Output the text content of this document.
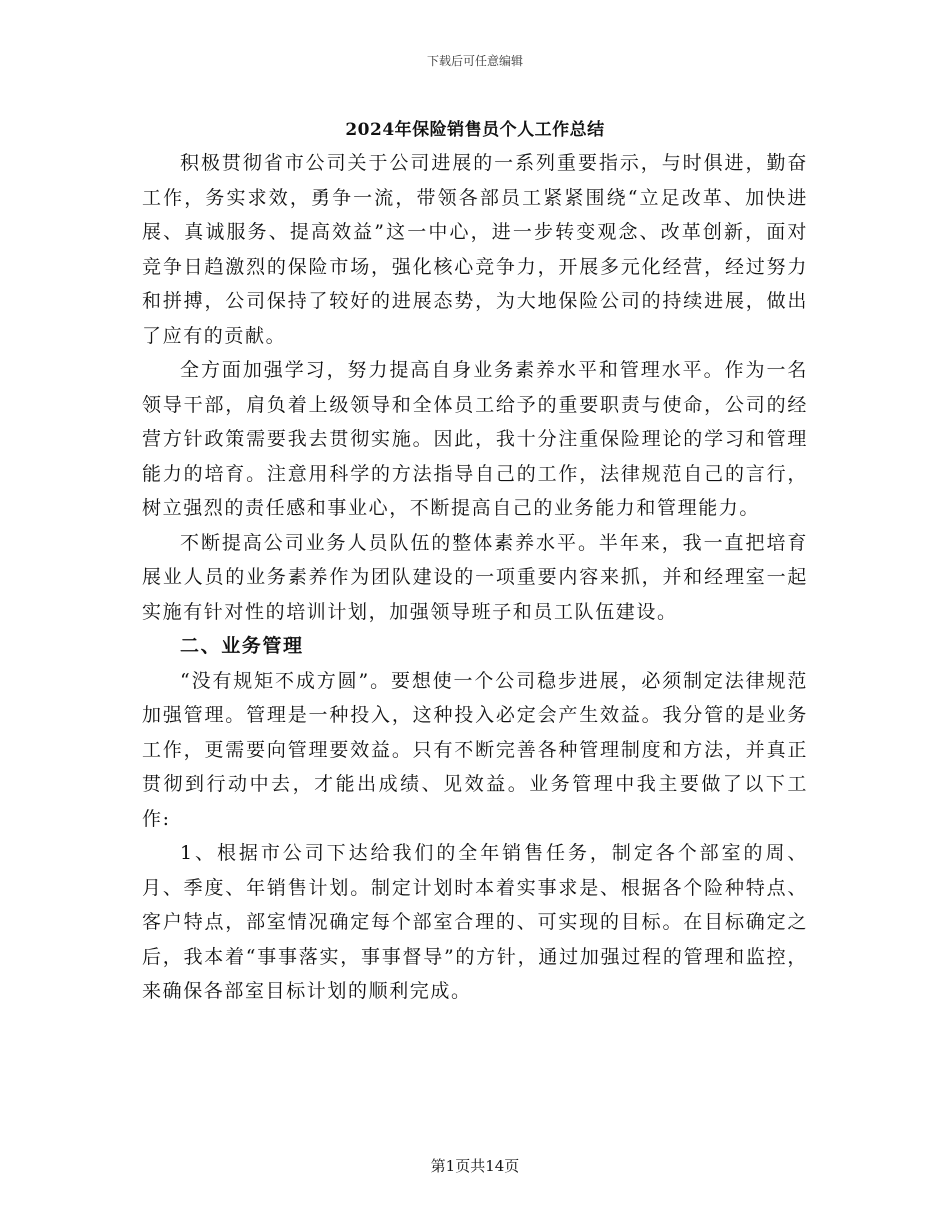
下载后可任意编辑
2024年保险销售员个人工作总结

积极贯彻省市公司关于公司进展的一系列重要指示，与时俱进，勤奋工作，务实求效，勇争一流，带领各部员工紧紧围绕“立足改革、加快进展、真诚服务、提高效益”这一中心，进一步转变观念、改革创新，面对竞争日趋激烈的保险市场，强化核心竞争力，开展多元化经营，经过努力和拼搏，公司保持了较好的进展态势，为大地保险公司的持续进展，做出了应有的贡献。

全方面加强学习，努力提高自身业务素养水平和管理水平。作为一名领导干部，肩负着上级领导和全体员工给予的重要职责与使命，公司的经营方针政策需要我去贯彻实施。因此，我十分注重保险理论的学习和管理能力的培育。注意用科学的方法指导自己的工作，法律规范自己的言行，树立强烈的责任感和事业心，不断提高自己的业务能力和管理能力。

不断提高公司业务人员队伍的整体素养水平。半年来，我一直把培育展业人员的业务素养作为团队建设的一项重要内容来抓，并和经理室一起实施有针对性的培训计划，加强领导班子和员工队伍建设。

二、业务管理

“没有规矩不成方圆”。要想使一个公司稳步进展，必须制定法律规范加强管理。管理是一种投入，这种投入必定会产生效益。我分管的是业务工作，更需要向管理要效益。只有不断完善各种管理制度和方法，并真正贯彻到行动中去，才能出成绩、见效益。业务管理中我主要做了以下工作:

1、根据市公司下达给我们的全年销售任务，制定各个部室的周、月、季度、年销售计划。制定计划时本着实事求是、根据各个险种特点、客户特点，部室情况确定每个部室合理的、可实现的目标。在目标确定之后，我本着“事事落实，事事督导”的方针，通过加强过程的管理和监控，来确保各部室目标计划的顺利完成。

第1页共14页
